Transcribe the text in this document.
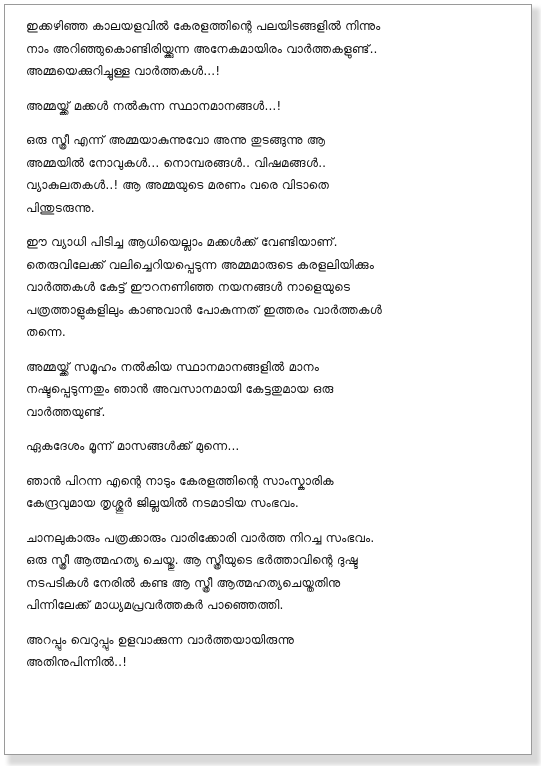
ഇക്കഴിഞ്ഞ കാലയളവിൽ കേരളത്തിന്റെ പലയിടങ്ങളിൽ നിന്നും
നാം അറിഞ്ഞുകൊണ്ടിരിയ്ക്കുന്ന അനേകമായിരം വാർത്തകളുണ്ട്..
അമ്മയെക്കുറിച്ചുള്ള വാർത്തകൾ...!
അമ്മയ്ക്ക് മക്കൾ നൽകുന്ന സ്ഥാനമാനങ്ങൾ...!
ഒരു സ്ത്രീ എന്ന് അമ്മയാകുന്നുവോ അന്നു തുടങ്ങുന്നു ആ
അമ്മയിൽ നോവുകൾ... നൊമ്പരങ്ങൾ.. വിഷമങ്ങൾ..
വ്യാകുലതകൾ..! ആ അമ്മയുടെ മരണം വരെ വിടാതെ
പിന്തുടരുന്നു.
ഈ വ്യാധി പിടിച്ച ആധിയെല്ലാം മക്കൾക്ക് വേണ്ടിയാണ്.
തെരുവിലേക്ക് വലിച്ചെറിയപ്പെടുന്ന അമ്മമാരുടെ കരളലിയിക്കും
വാർത്തകൾ കേട്ട് ഈറനണിഞ്ഞ നയനങ്ങൾ നാളെയുടെ
പത്രത്താളുകളിലും കാണുവാൻ പോകുന്നത് ഇത്തരം വാർത്തകൾ
തന്നെ.
അമ്മയ്ക്ക് സമൂഹം നൽകിയ സ്ഥാനമാനങ്ങളിൽ മാനം
നഷ്ടപ്പെടുന്നതും ഞാൻ അവസാനമായി കേട്ടതുമായ ഒരു
വാർത്തയുണ്ട്.
ഏകദേശം മൂന്ന് മാസങ്ങൾക്ക് മുന്നെ...
ഞാൻ പിറന്ന എന്റെ നാടും കേരളത്തിന്റെ സാംസ്കാരിക
കേന്ദ്രവുമായ തൃശ്ശൂർ ജില്ലയിൽ നടമാടിയ സംഭവം.
ചാനലുകാരും പത്രക്കാരും വാരിക്കോരി വാർത്ത നിറച്ച സംഭവം.
ഒരു സ്ത്രീ ആത്മഹത്യ ചെയ്തു. ആ സ്ത്രീയുടെ ഭർത്താവിന്റെ ദുഷ്ട
നടപടികൾ നേരിൽ കണ്ട ആ സ്ത്രീ ആത്മഹത്യചെയ്തതിനു
പിന്നിലേക്ക് മാധ്യമപ്രവർത്തകർ പാഞ്ഞെത്തി.
അറപ്പും വെറുപ്പും ഉളവാക്കുന്ന വാർത്തയായിരുന്നു
അതിനുപിന്നിൽ..!
